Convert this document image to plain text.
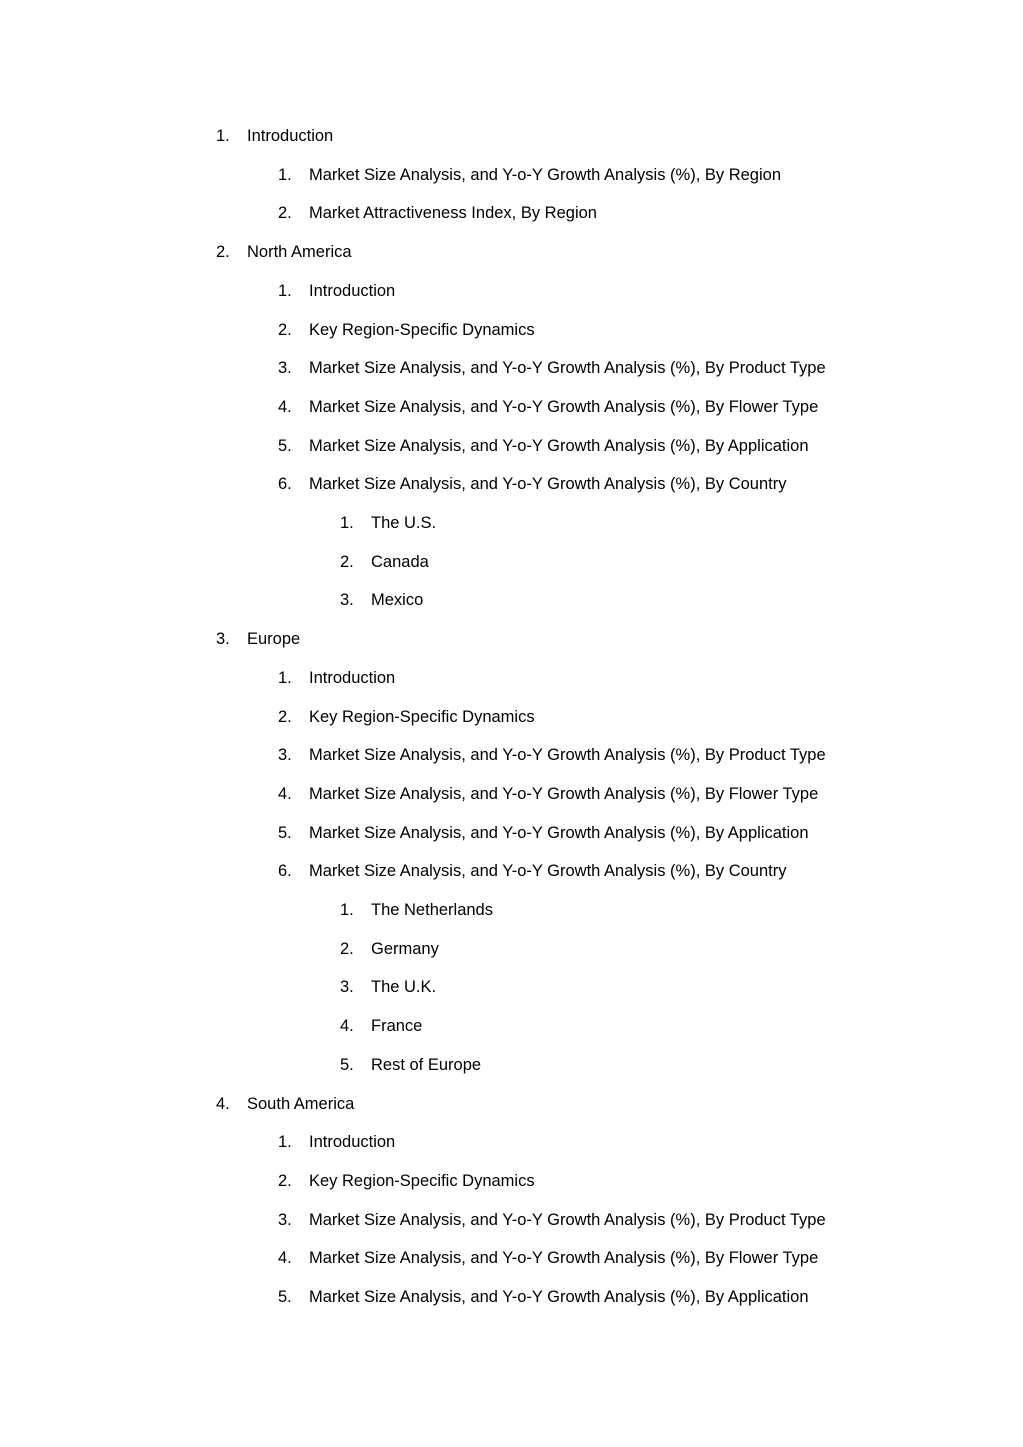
1. Introduction
1. Market Size Analysis, and Y-o-Y Growth Analysis (%), By Region
2. Market Attractiveness Index, By Region
2. North America
1. Introduction
2. Key Region-Specific Dynamics
3. Market Size Analysis, and Y-o-Y Growth Analysis (%), By Product Type
4. Market Size Analysis, and Y-o-Y Growth Analysis (%), By Flower Type
5. Market Size Analysis, and Y-o-Y Growth Analysis (%), By Application
6. Market Size Analysis, and Y-o-Y Growth Analysis (%), By Country
1. The U.S.
2. Canada
3. Mexico
3. Europe
1. Introduction
2. Key Region-Specific Dynamics
3. Market Size Analysis, and Y-o-Y Growth Analysis (%), By Product Type
4. Market Size Analysis, and Y-o-Y Growth Analysis (%), By Flower Type
5. Market Size Analysis, and Y-o-Y Growth Analysis (%), By Application
6. Market Size Analysis, and Y-o-Y Growth Analysis (%), By Country
1. The Netherlands
2. Germany
3. The U.K.
4. France
5. Rest of Europe
4. South America
1. Introduction
2. Key Region-Specific Dynamics
3. Market Size Analysis, and Y-o-Y Growth Analysis (%), By Product Type
4. Market Size Analysis, and Y-o-Y Growth Analysis (%), By Flower Type
5. Market Size Analysis, and Y-o-Y Growth Analysis (%), By Application
